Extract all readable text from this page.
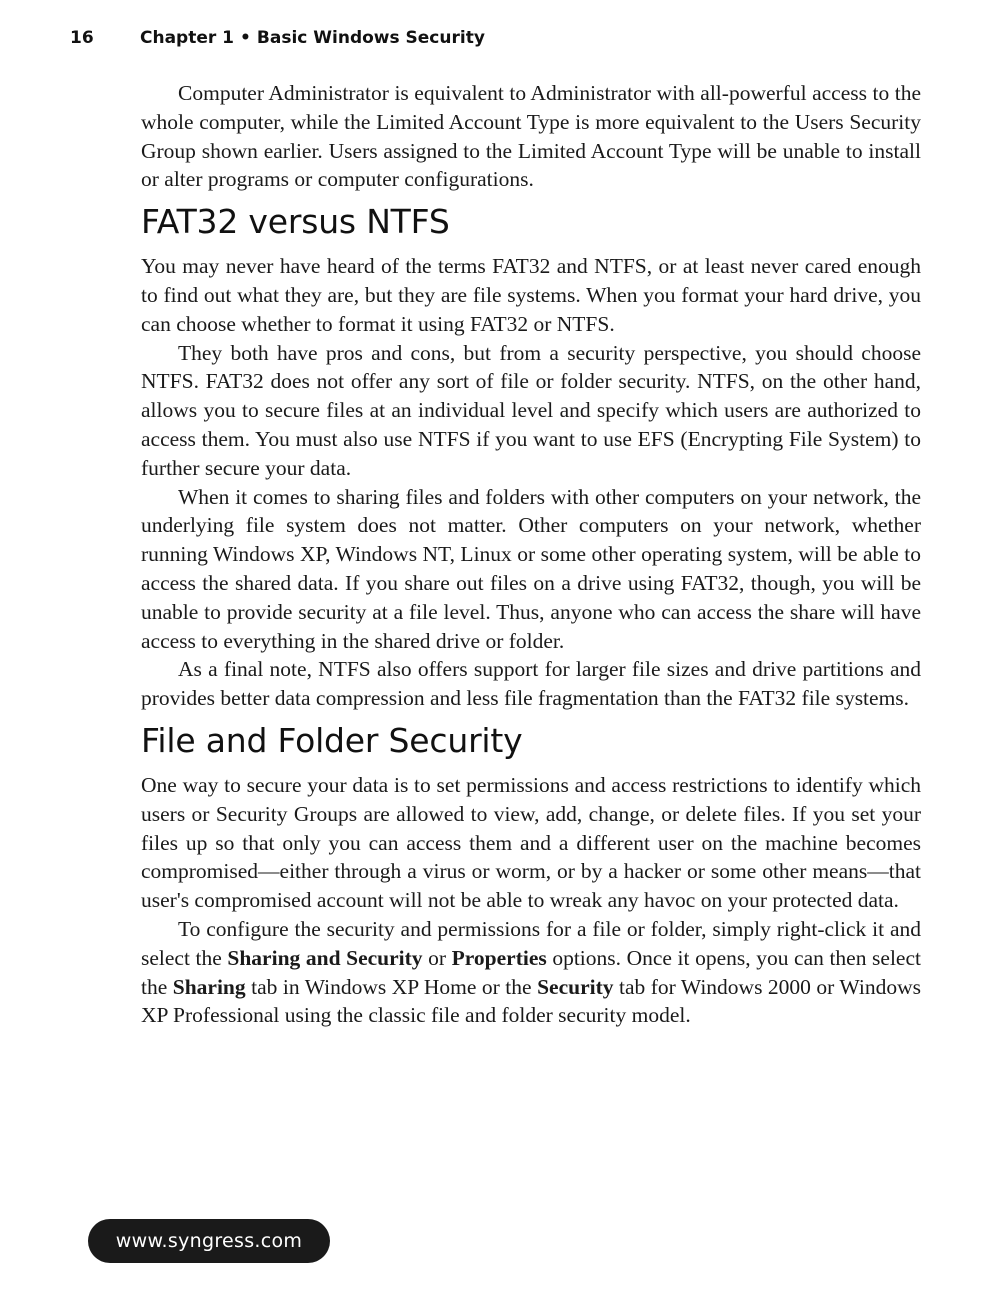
16	Chapter 1 • Basic Windows Security

Computer Administrator is equivalent to Administrator with all-powerful access to the whole computer, while the Limited Account Type is more equivalent to the Users Security Group shown earlier. Users assigned to the Limited Account Type will be unable to install or alter programs or computer configurations.

FAT32 versus NTFS

You may never have heard of the terms FAT32 and NTFS, or at least never cared enough to find out what they are, but they are file systems. When you format your hard drive, you can choose whether to format it using FAT32 or NTFS.

They both have pros and cons, but from a security perspective, you should choose NTFS. FAT32 does not offer any sort of file or folder security. NTFS, on the other hand, allows you to secure files at an individual level and specify which users are authorized to access them. You must also use NTFS if you want to use EFS (Encrypting File System) to further secure your data.

When it comes to sharing files and folders with other computers on your network, the underlying file system does not matter. Other computers on your network, whether running Windows XP, Windows NT, Linux or some other operating system, will be able to access the shared data. If you share out files on a drive using FAT32, though, you will be unable to provide security at a file level. Thus, anyone who can access the share will have access to everything in the shared drive or folder.

As a final note, NTFS also offers support for larger file sizes and drive partitions and provides better data compression and less file fragmentation than the FAT32 file systems.

File and Folder Security

One way to secure your data is to set permissions and access restrictions to identify which users or Security Groups are allowed to view, add, change, or delete files. If you set your files up so that only you can access them and a different user on the machine becomes compromised—either through a virus or worm, or by a hacker or some other means—that user's compromised account will not be able to wreak any havoc on your protected data.

To configure the security and permissions for a file or folder, simply right-click it and select the Sharing and Security or Properties options. Once it opens, you can then select the Sharing tab in Windows XP Home or the Security tab for Windows 2000 or Windows XP Professional using the classic file and folder security model.

www.syngress.com
